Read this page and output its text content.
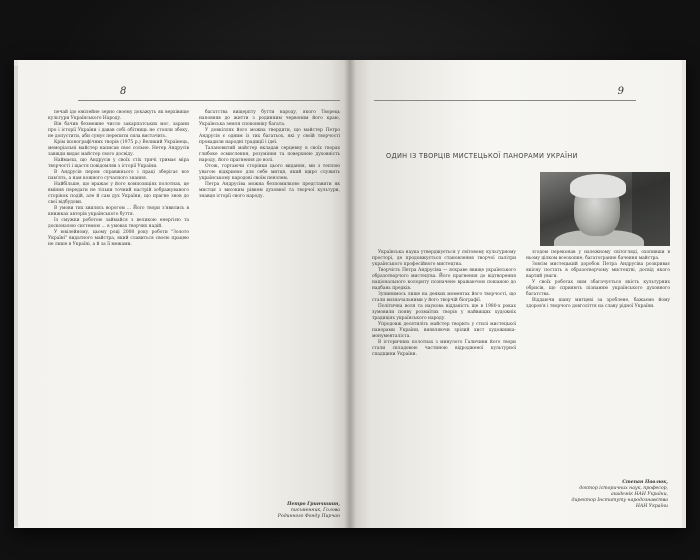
8

печай ідо ювілейне зерно своєму докажуть як верхівище культури Українського Народу.

Він бачив безмежне число закарпатських мог, зарани про і історії України і давав собі обітниць не стояли збоку, не допустити, аби сумує перепити сила вистачить.

Крім іконографічних творів (1975 р.) Великий Українець, меморіальні майстер написав своє сольне. Нетер Андрусів завжди видає майстер свого досвіду.

Наймаєш, що Андрусів у своїх стіх тричі тримає міра творчості і щастя повідомляв з історії України.

В Андрусів пером справжнього і праці зберігає все пам'ять, а нам кожного сучасного знання.

Найбільше, що вражає у його композиціях полотнах, це вміння передати не тільки точний настрій зображуваного сторінок подій, але й сам дух України, що прагне знов до свої відбудови.

В умови тих хвилясь ворогом ... Його твори з'явились в книжках авторів українського буття.

Із смужки роботою займайся з великою енергією та досконалою системою ... в умовах творчих надій.

У ювілейному, цьому році 2008 року роботи "Золото Україні" видатного майстра, який славиться своєю працею не лише в Україні, а й за її межами.

багатства вищерпту бутти народу, якого Творець наповняв до житти з родинним червоним його краю, Українська земля споконвіку багата.

У довкіллях його можна твердити, що майстер Петро Андрусів є одним із тих багатьох, які у своїй творчості провадили народні традиції і ідеї.

Талановитий майстер вкладав серцевну в своїх творах глибоке осмислення, розуміння та поверхнею духовність народу, його прагнення до волі.

Отож, гортаючи сторінки цього видання, ми з теплою увагою відкриємо для себе митця, який щиро служить українському народові своїм пензлем.

Петра Андрусіва можна безпомилково представити як мистця з високим рівнем духовної та творчої культури, знавця історії свого народу.

Петро Гринчишин,
письменник, Голова
Родинного Фонду Пирчан
9
ОДИН ІЗ ТВОРЦІВ МИСТЕЦЬКОЇ ПАНОРАМИ УКРАЇНИ

Українська наука утверджується у світовому культурному просторі, де продовжується становлення творчої палітри українського професійного мистецтва.

Творчість Петра Андрусіва — яскраве явище українського образотворчого мистецтва. Його прагнення до відтворення національного колориту позначене вражаючою пошаною до надбань предків.

Зупинимось лише на деяких моментах його творчості, що стали визначальними у його творчій біографії.

Політична воля та наукова відданість ще в 1980-х роках зумовили появу розмаїтих творів у найвищих художніх традиціях українського народу.

Упродовж десятиліть майстер творить у стилі мистецької панорами України, виявляючи зрілий хист художника-монументаліста.

В історичних полотнах з минулого Галичини його твори стали складовою частиною відродженої культурної спадщини України.

згодом переконав у належному світогляді, охопивши в ньому цілком всеохопне, багатогранне бачення майстра.

Зовсім мистецький доробок Петра Андрусіва розкриває якісну постать в образотворчому мистецтві, досвід якого вартий уваги.

У своїх роботах ним збагачується якість культурних обрисів, що сприяють пізнанню українського духовного багатства.

Віддаючи шану митцеві за зроблене, бажаємо йому здоров'я і творчого довголіття на славу рідної України.

Степан Павлюк,
доктор історичних наук, професор,
академік НАН України,
директор Інституту народознавства
НАН України
